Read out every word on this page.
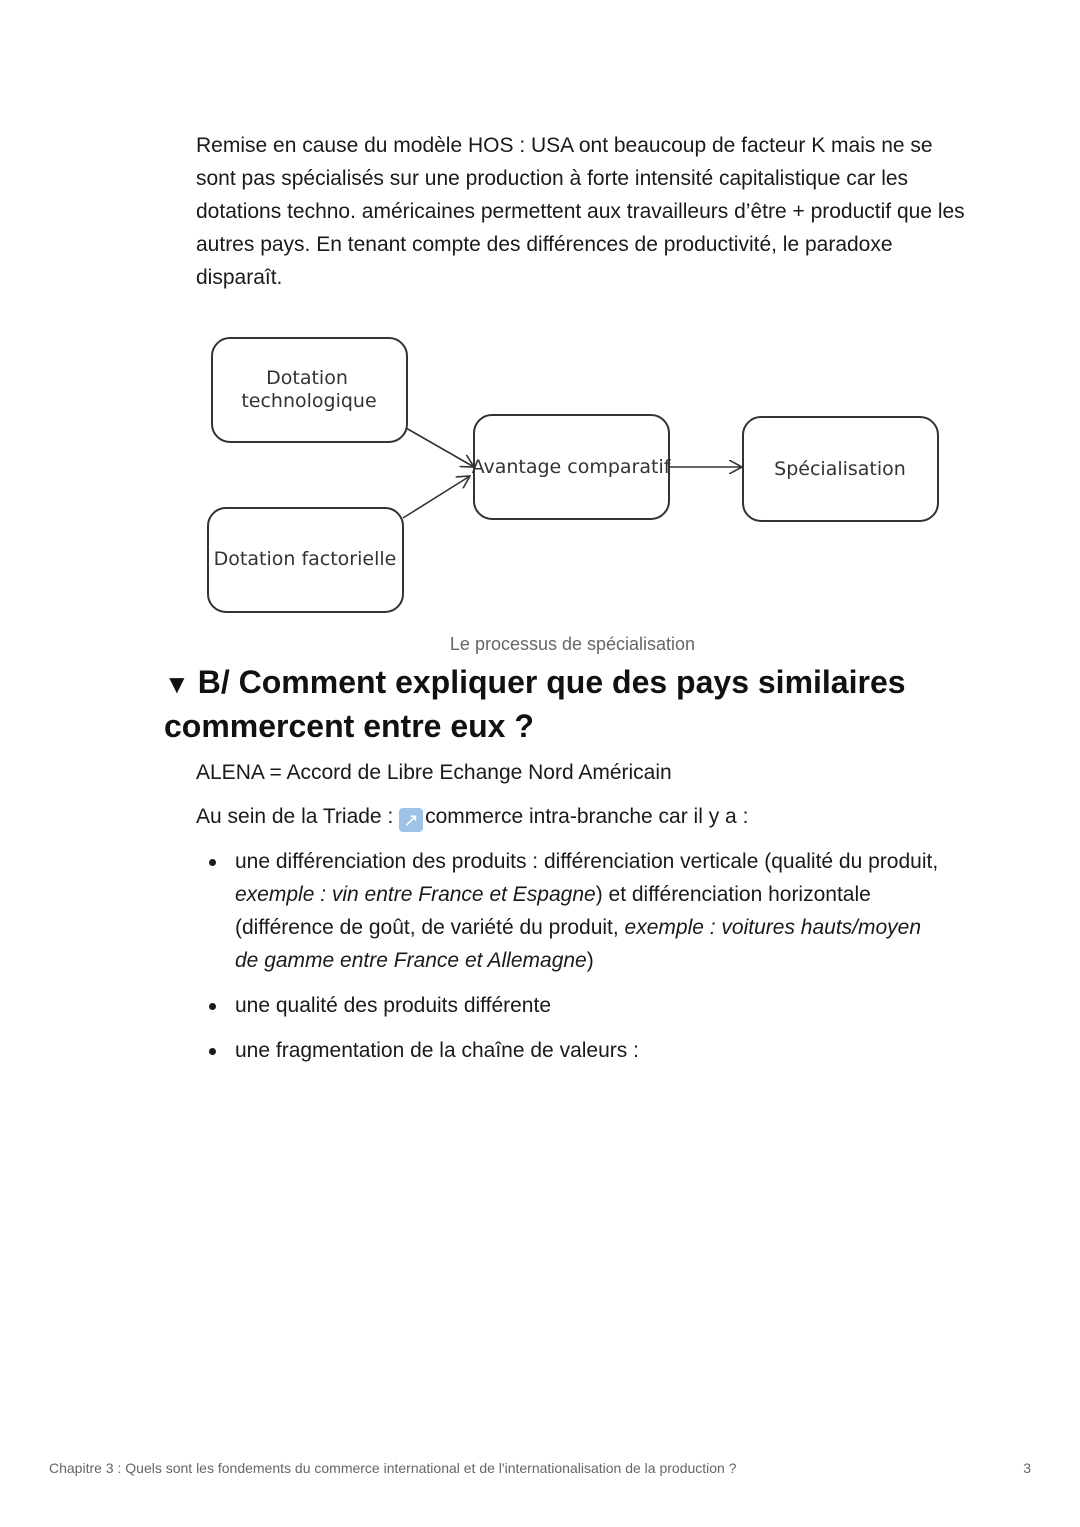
Remise en cause du modèle HOS : USA ont beaucoup de facteur K mais ne se sont pas spécialisés sur une production à forte intensité capitalistique car les dotations techno. américaines permettent aux travailleurs d’être + productif que les autres pays. En tenant compte des différences de productivité, le paradoxe disparaît.

Dotation
technologique
Dotation factorielle
Avantage comparatif	Spécialisation
Le processus de spécialisation
▼ B/ Comment expliquer que des pays similaires commercent entre eux ?

ALENA = Accord de Libre Echange Nord Américain

Au sein de la Triade : ↗ commerce intra-branche car il y a :

une différenciation des produits : différenciation verticale (qualité du produit, exemple : vin entre France et Espagne) et différenciation horizontale (différence de goût, de variété du produit, exemple : voitures hauts/moyen de gamme entre France et Allemagne)
une qualité des produits différente
une fragmentation de la chaîne de valeurs :
Chapitre 3 : Quels sont les fondements du commerce international et de l'internationalisation de la production ?	3
